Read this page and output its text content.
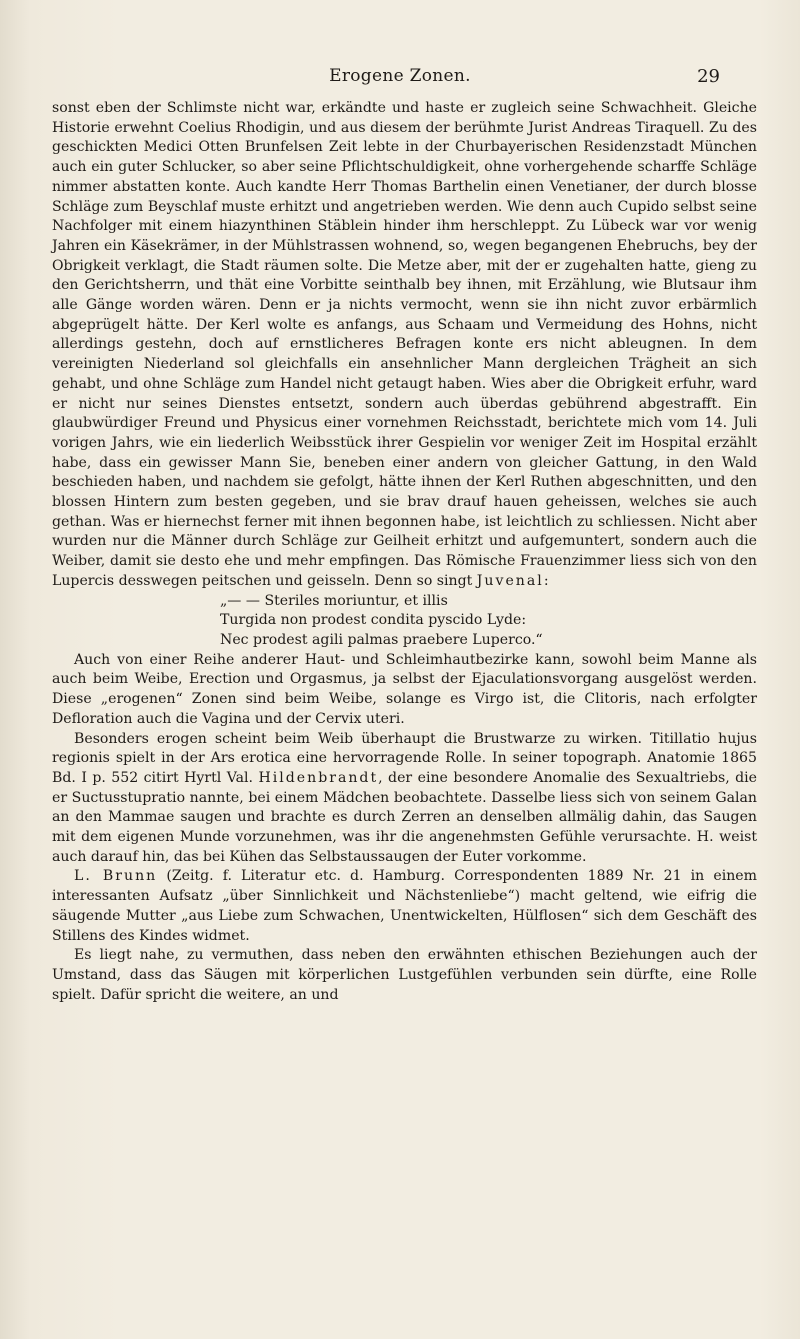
Erogene Zonen.	29

sonst eben der Schlimste nicht war, erkändte und haste er zugleich seine Schwachheit. Gleiche Historie erwehnt Coelius Rhodigin, und aus diesem der berühmte Jurist Andreas Tiraquell. Zu des geschickten Medici Otten Brunfelsen Zeit lebte in der Churbayerischen Residenzstadt München auch ein guter Schlucker, so aber seine Pflichtschuldigkeit, ohne vorhergehende scharffe Schläge nimmer abstatten konte. Auch kandte Herr Thomas Barthelin einen Venetianer, der durch blosse Schläge zum Beyschlaf muste erhitzt und angetrieben werden. Wie denn auch Cupido selbst seine Nachfolger mit einem hiazynthinen Stäblein hinder ihm herschleppt. Zu Lübeck war vor wenig Jahren ein Käsekrämer, in der Mühlstrassen wohnend, so, wegen begangenen Ehebruchs, bey der Obrigkeit verklagt, die Stadt räumen solte. Die Metze aber, mit der er zugehalten hatte, gieng zu den Gerichtsherrn, und thät eine Vorbitte seinthalb bey ihnen, mit Erzählung, wie Blutsaur ihm alle Gänge worden wären. Denn er ja nichts vermocht, wenn sie ihn nicht zuvor erbärmlich abgeprügelt hätte. Der Kerl wolte es anfangs, aus Schaam und Vermeidung des Hohns, nicht allerdings gestehn, doch auf ernstlicheres Befragen konte ers nicht ableugnen. In dem vereinigten Niederland sol gleichfalls ein ansehnlicher Mann dergleichen Trägheit an sich gehabt, und ohne Schläge zum Handel nicht getaugt haben. Wies aber die Obrigkeit erfuhr, ward er nicht nur seines Dienstes entsetzt, sondern auch überdas gebührend abgestrafft. Ein glaubwürdiger Freund und Physicus einer vornehmen Reichsstadt, berichtete mich vom 14. Juli vorigen Jahrs, wie ein liederlich Weibsstück ihrer Gespielin vor weniger Zeit im Hospital erzählt habe, dass ein gewisser Mann Sie, beneben einer andern von gleicher Gattung, in den Wald beschieden haben, und nachdem sie gefolgt, hätte ihnen der Kerl Ruthen abgeschnitten, und den blossen Hintern zum besten gegeben, und sie brav drauf hauen geheissen, welches sie auch gethan. Was er hiernechst ferner mit ihnen begonnen habe, ist leichtlich zu schliessen. Nicht aber wurden nur die Männer durch Schläge zur Geilheit erhitzt und aufgemuntert, sondern auch die Weiber, damit sie desto ehe und mehr empfingen. Das Römische Frauenzimmer liess sich von den Lupercis desswegen peitschen und geisseln. Denn so singt Juvenal:

„— — Steriles moriuntur, et illis
Turgida non prodest condita pyscido Lyde:
Nec prodest agili palmas praebere Luperco.“

Auch von einer Reihe anderer Haut- und Schleimhautbezirke kann, sowohl beim Manne als auch beim Weibe, Erection und Orgasmus, ja selbst der Ejaculationsvorgang ausgelöst werden. Diese „erogenen“ Zonen sind beim Weibe, solange es Virgo ist, die Clitoris, nach erfolgter Defloration auch die Vagina und der Cervix uteri.

Besonders erogen scheint beim Weib überhaupt die Brustwarze zu wirken. Titillatio hujus regionis spielt in der Ars erotica eine hervorragende Rolle. In seiner topograph. Anatomie 1865 Bd. I p. 552 citirt Hyrtl Val. Hildenbrandt, der eine besondere Anomalie des Sexualtriebs, die er Suctusstupratio nannte, bei einem Mädchen beobachtete. Dasselbe liess sich von seinem Galan an den Mammae saugen und brachte es durch Zerren an denselben allmälig dahin, das Saugen mit dem eigenen Munde vorzunehmen, was ihr die angenehmsten Gefühle verursachte. H. weist auch darauf hin, das bei Kühen das Selbstaussaugen der Euter vorkomme.

L. Brunn (Zeitg. f. Literatur etc. d. Hamburg. Correspondenten 1889 Nr. 21 in einem interessanten Aufsatz „über Sinnlichkeit und Nächstenliebe“) macht geltend, wie eifrig die säugende Mutter „aus Liebe zum Schwachen, Unentwickelten, Hülflosen“ sich dem Geschäft des Stillens des Kindes widmet.

Es liegt nahe, zu vermuthen, dass neben den erwähnten ethischen Beziehungen auch der Umstand, dass das Säugen mit körperlichen Lustgefühlen verbunden sein dürfte, eine Rolle spielt. Dafür spricht die weitere, an und
